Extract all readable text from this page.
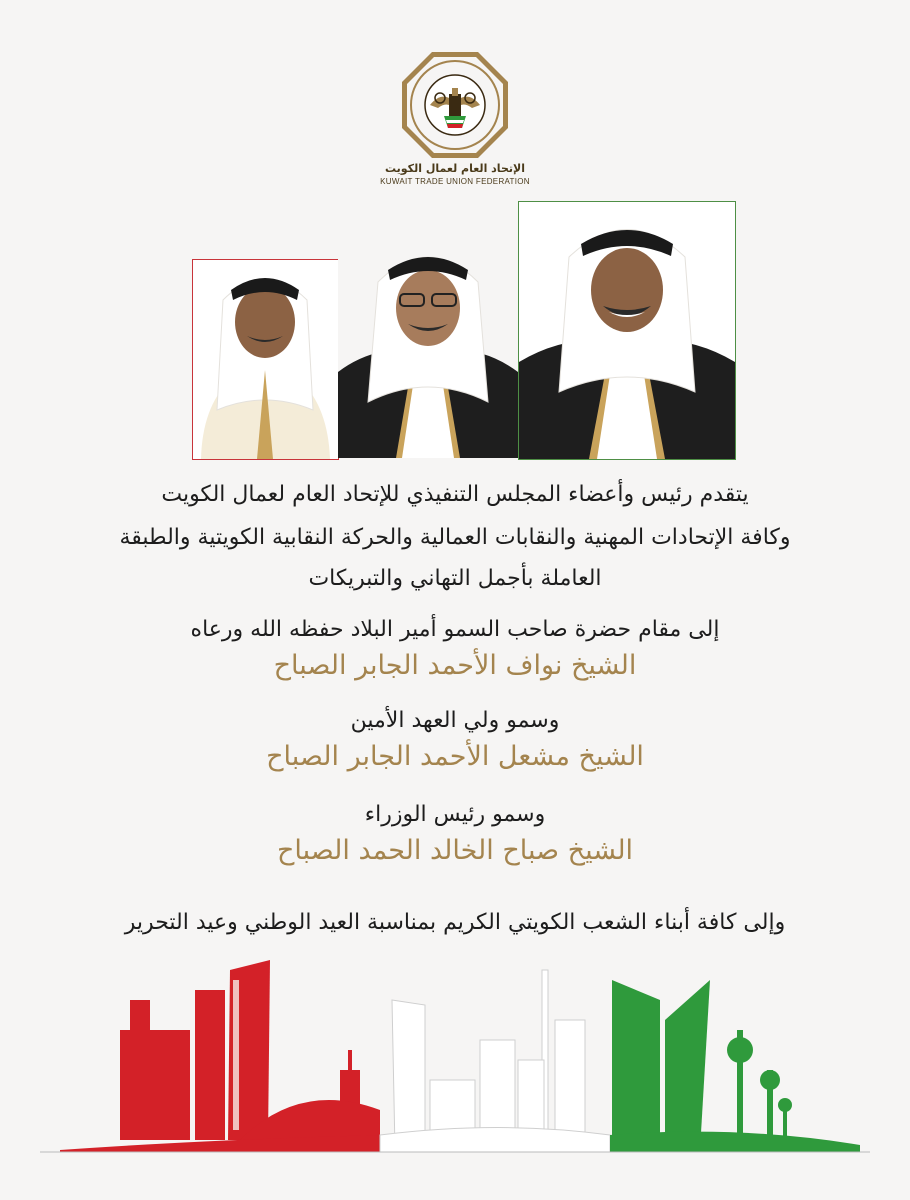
الإتحاد العام لعمال الكويت
KUWAIT TRADE UNION FEDERATION
يتقدم رئيس وأعضاء المجلس التنفيذي للإتحاد العام لعمال الكويت
وكافة الإتحادات المهنية والنقابات العمالية والحركة النقابية الكويتية والطبقة
العاملة بأجمل التهاني والتبريكات
إلى مقام حضرة صاحب السمو أمير البلاد حفظه الله ورعاه
الشيخ نواف الأحمد الجابر الصباح
وسمو ولي العهد الأمين
الشيخ مشعل الأحمد الجابر الصباح
وسمو رئيس الوزراء
الشيخ صباح الخالد الحمد الصباح
وإلى كافة أبناء الشعب الكويتي الكريم بمناسبة العيد الوطني وعيد التحرير
